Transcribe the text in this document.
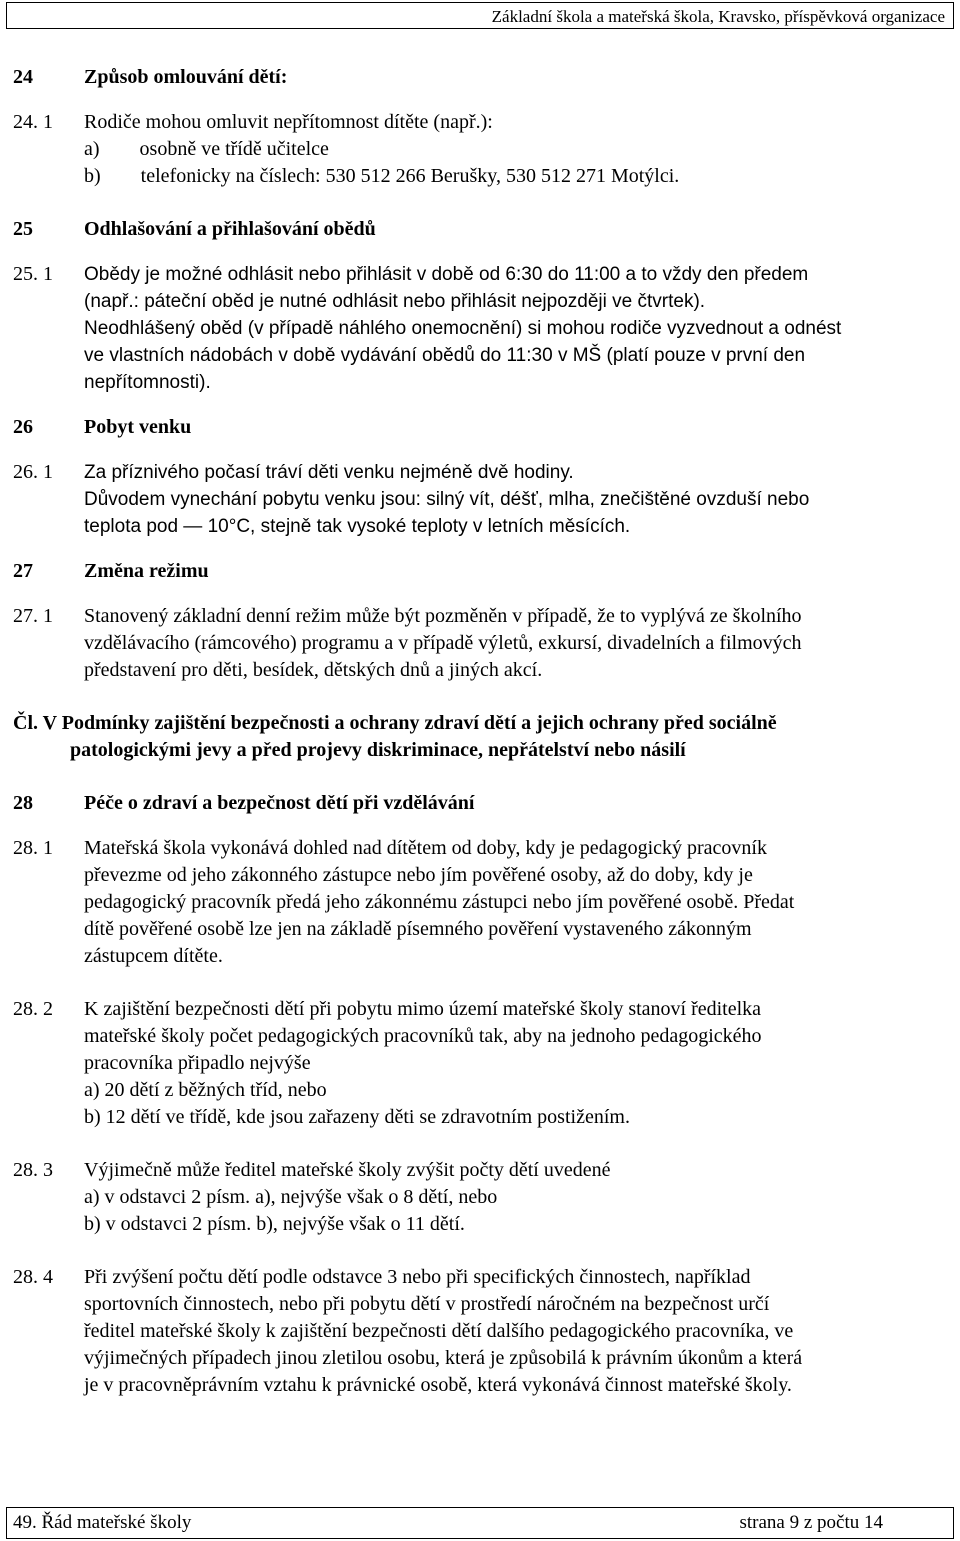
Základní škola a mateřská škola, Kravsko, příspěvková organizace
24	Způsob omlouvání dětí:
24. 1	Rodiče mohou omluvit nepřítomnost dítěte (např.):
a)  osobně ve třídě učitelce
b)  telefonicky na číslech: 530 512 266 Berušky, 530 512 271 Motýlci.
25	Odhlašování a přihlašování obědů
25. 1	Obědy je možné odhlásit nebo přihlásit v době od 6:30 do 11:00 a to vždy den předem
(např.: páteční oběd je nutné odhlásit nebo přihlásit nejpozději ve čtvrtek).
Neodhlášený oběd (v případě náhlého onemocnění) si mohou rodiče vyzvednout a odnést
ve vlastních nádobách v době vydávání obědů do 11:30 v MŠ (platí pouze v první den
nepřítomnosti).
26	Pobyt venku
26. 1	Za příznivého počasí tráví děti venku nejméně dvě hodiny.
Důvodem vynechání pobytu venku jsou: silný vít, déšť, mlha, znečištěné ovzduší nebo
teplota pod — 10°C, stejně tak vysoké teploty v letních měsících.
27	Změna režimu
27. 1	Stanovený základní denní režim může být pozměněn v případě, že to vyplývá ze školního
vzdělávacího (rámcového) programu a v případě výletů, exkursí, divadelních a filmových
představení pro děti, besídek, dětských dnů a jiných akcí.
Čl. V Podmínky zajištění bezpečnosti a ochrany zdraví dětí a jejich ochrany před sociálně
patologickými jevy a před projevy diskriminace, nepřátelství nebo násilí
28	Péče o zdraví a bezpečnost dětí při vzdělávání
28. 1	Mateřská škola vykonává dohled nad dítětem od doby, kdy je pedagogický pracovník
převezme od jeho zákonného zástupce nebo jím pověřené osoby, až do doby, kdy je
pedagogický pracovník předá jeho zákonnému zástupci nebo jím pověřené osobě. Předat
dítě pověřené osobě lze jen na základě písemného pověření vystaveného zákonným
zástupcem dítěte.
28. 2	K zajištění bezpečnosti dětí při pobytu mimo území mateřské školy stanoví ředitelka
mateřské školy počet pedagogických pracovníků tak, aby na jednoho pedagogického
pracovníka připadlo nejvýše
a) 20 dětí z běžných tříd, nebo
b) 12 dětí ve třídě, kde jsou zařazeny děti se zdravotním postižením.
28. 3	Výjimečně může ředitel mateřské školy zvýšit počty dětí uvedené
a) v odstavci 2 písm. a), nejvýše však o 8 dětí, nebo
b) v odstavci 2 písm. b), nejvýše však o 11 dětí.
28. 4	Při zvýšení počtu dětí podle odstavce 3 nebo při specifických činnostech, například
sportovních činnostech, nebo při pobytu dětí v prostředí náročném na bezpečnost určí
ředitel mateřské školy k zajištění bezpečnosti dětí dalšího pedagogického pracovníka, ve
výjimečných případech jinou zletilou osobu, která je způsobilá k právním úkonům a která
je v pracovněprávním vztahu k právnické osobě, která vykonává činnost mateřské školy.
49. Řád mateřské školy	strana 9 z počtu 14
